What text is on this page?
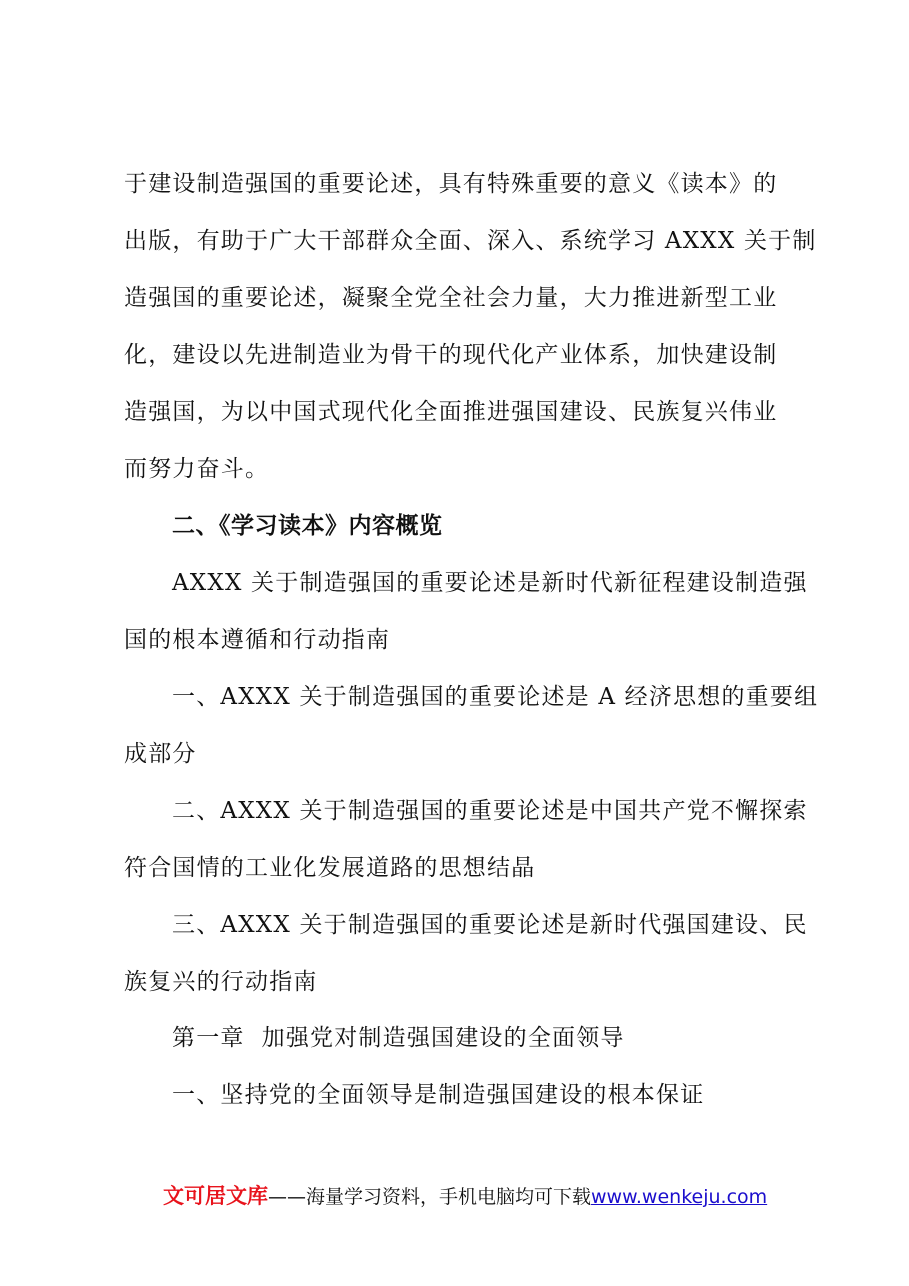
于建设制造强国的重要论述，具有特殊重要的意义《读本》的
出版，有助于广大干部群众全面、深入、系统学习 AXXX 关于制
造强国的重要论述，凝聚全党全社会力量，大力推进新型工业
化，建设以先进制造业为骨干的现代化产业体系，加快建设制
造强国，为以中国式现代化全面推进强国建设、民族复兴伟业
而努力奋斗。
二、《学习读本》内容概览
AXXX 关于制造强国的重要论述是新时代新征程建设制造强
国的根本遵循和行动指南
一、AXXX 关于制造强国的重要论述是 A 经济思想的重要组
成部分
二、AXXX 关于制造强国的重要论述是中国共产党不懈探索
符合国情的工业化发展道路的思想结晶
三、AXXX 关于制造强国的重要论述是新时代强国建设、民
族复兴的行动指南
第一章  加强党对制造强国建设的全面领导
一、坚持党的全面领导是制造强国建设的根本保证
文可居文库——海量学习资料，手机电脑均可下载www.wenkeju.com
